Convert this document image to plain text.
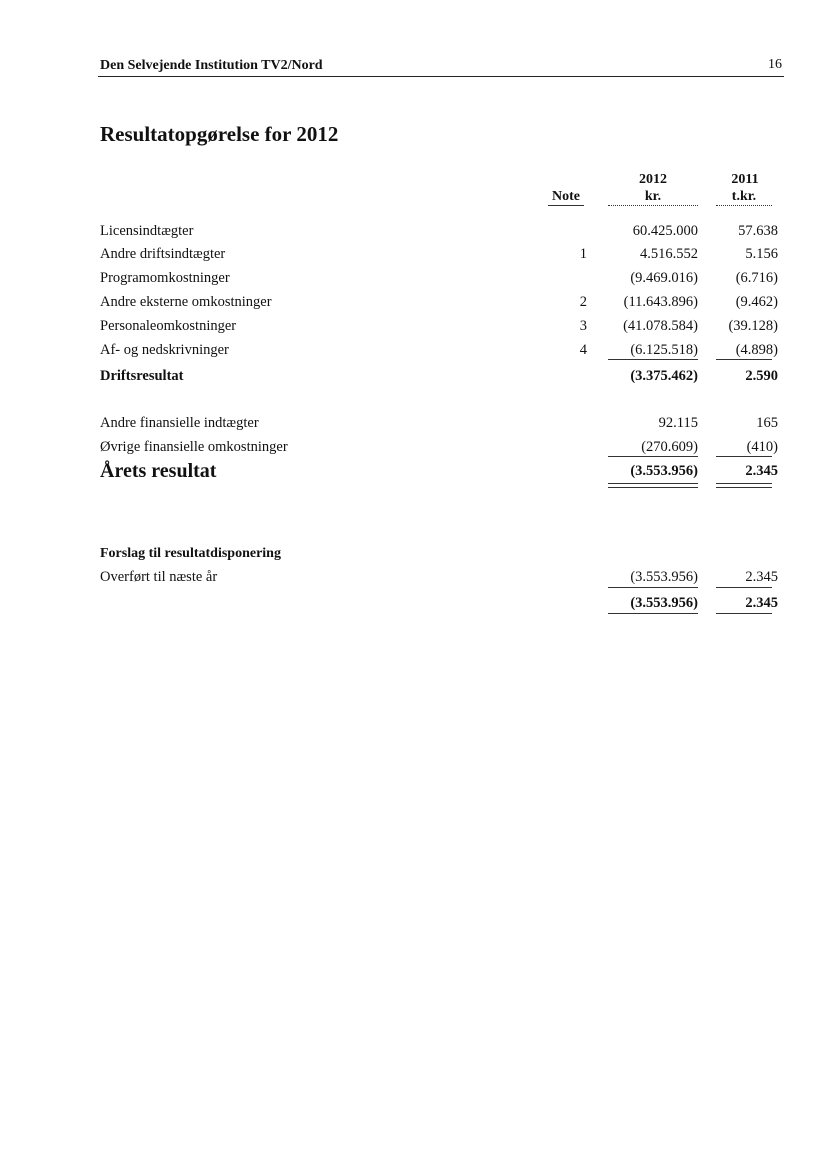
Den Selvejende Institution TV2/Nord	16
Resultatopgørelse for 2012
2012	2011
Note	kr.	t.kr.
Licensindtægter	60.425.000	57.638
Andre driftsindtægter	1	4.516.552	5.156
Programomkostninger	(9.469.016)	(6.716)
Andre eksterne omkostninger	2	(11.643.896)	(9.462)
Personaleomkostninger	3	(41.078.584)	(39.128)
Af- og nedskrivninger	4	(6.125.518)	(4.898)
Driftsresultat	(3.375.462)	2.590
Andre finansielle indtægter	92.115	165
Øvrige finansielle omkostninger	(270.609)	(410)
Årets resultat	(3.553.956)	2.345
Forslag til resultatdisponering
Overført til næste år	(3.553.956)	2.345
(3.553.956)	2.345
